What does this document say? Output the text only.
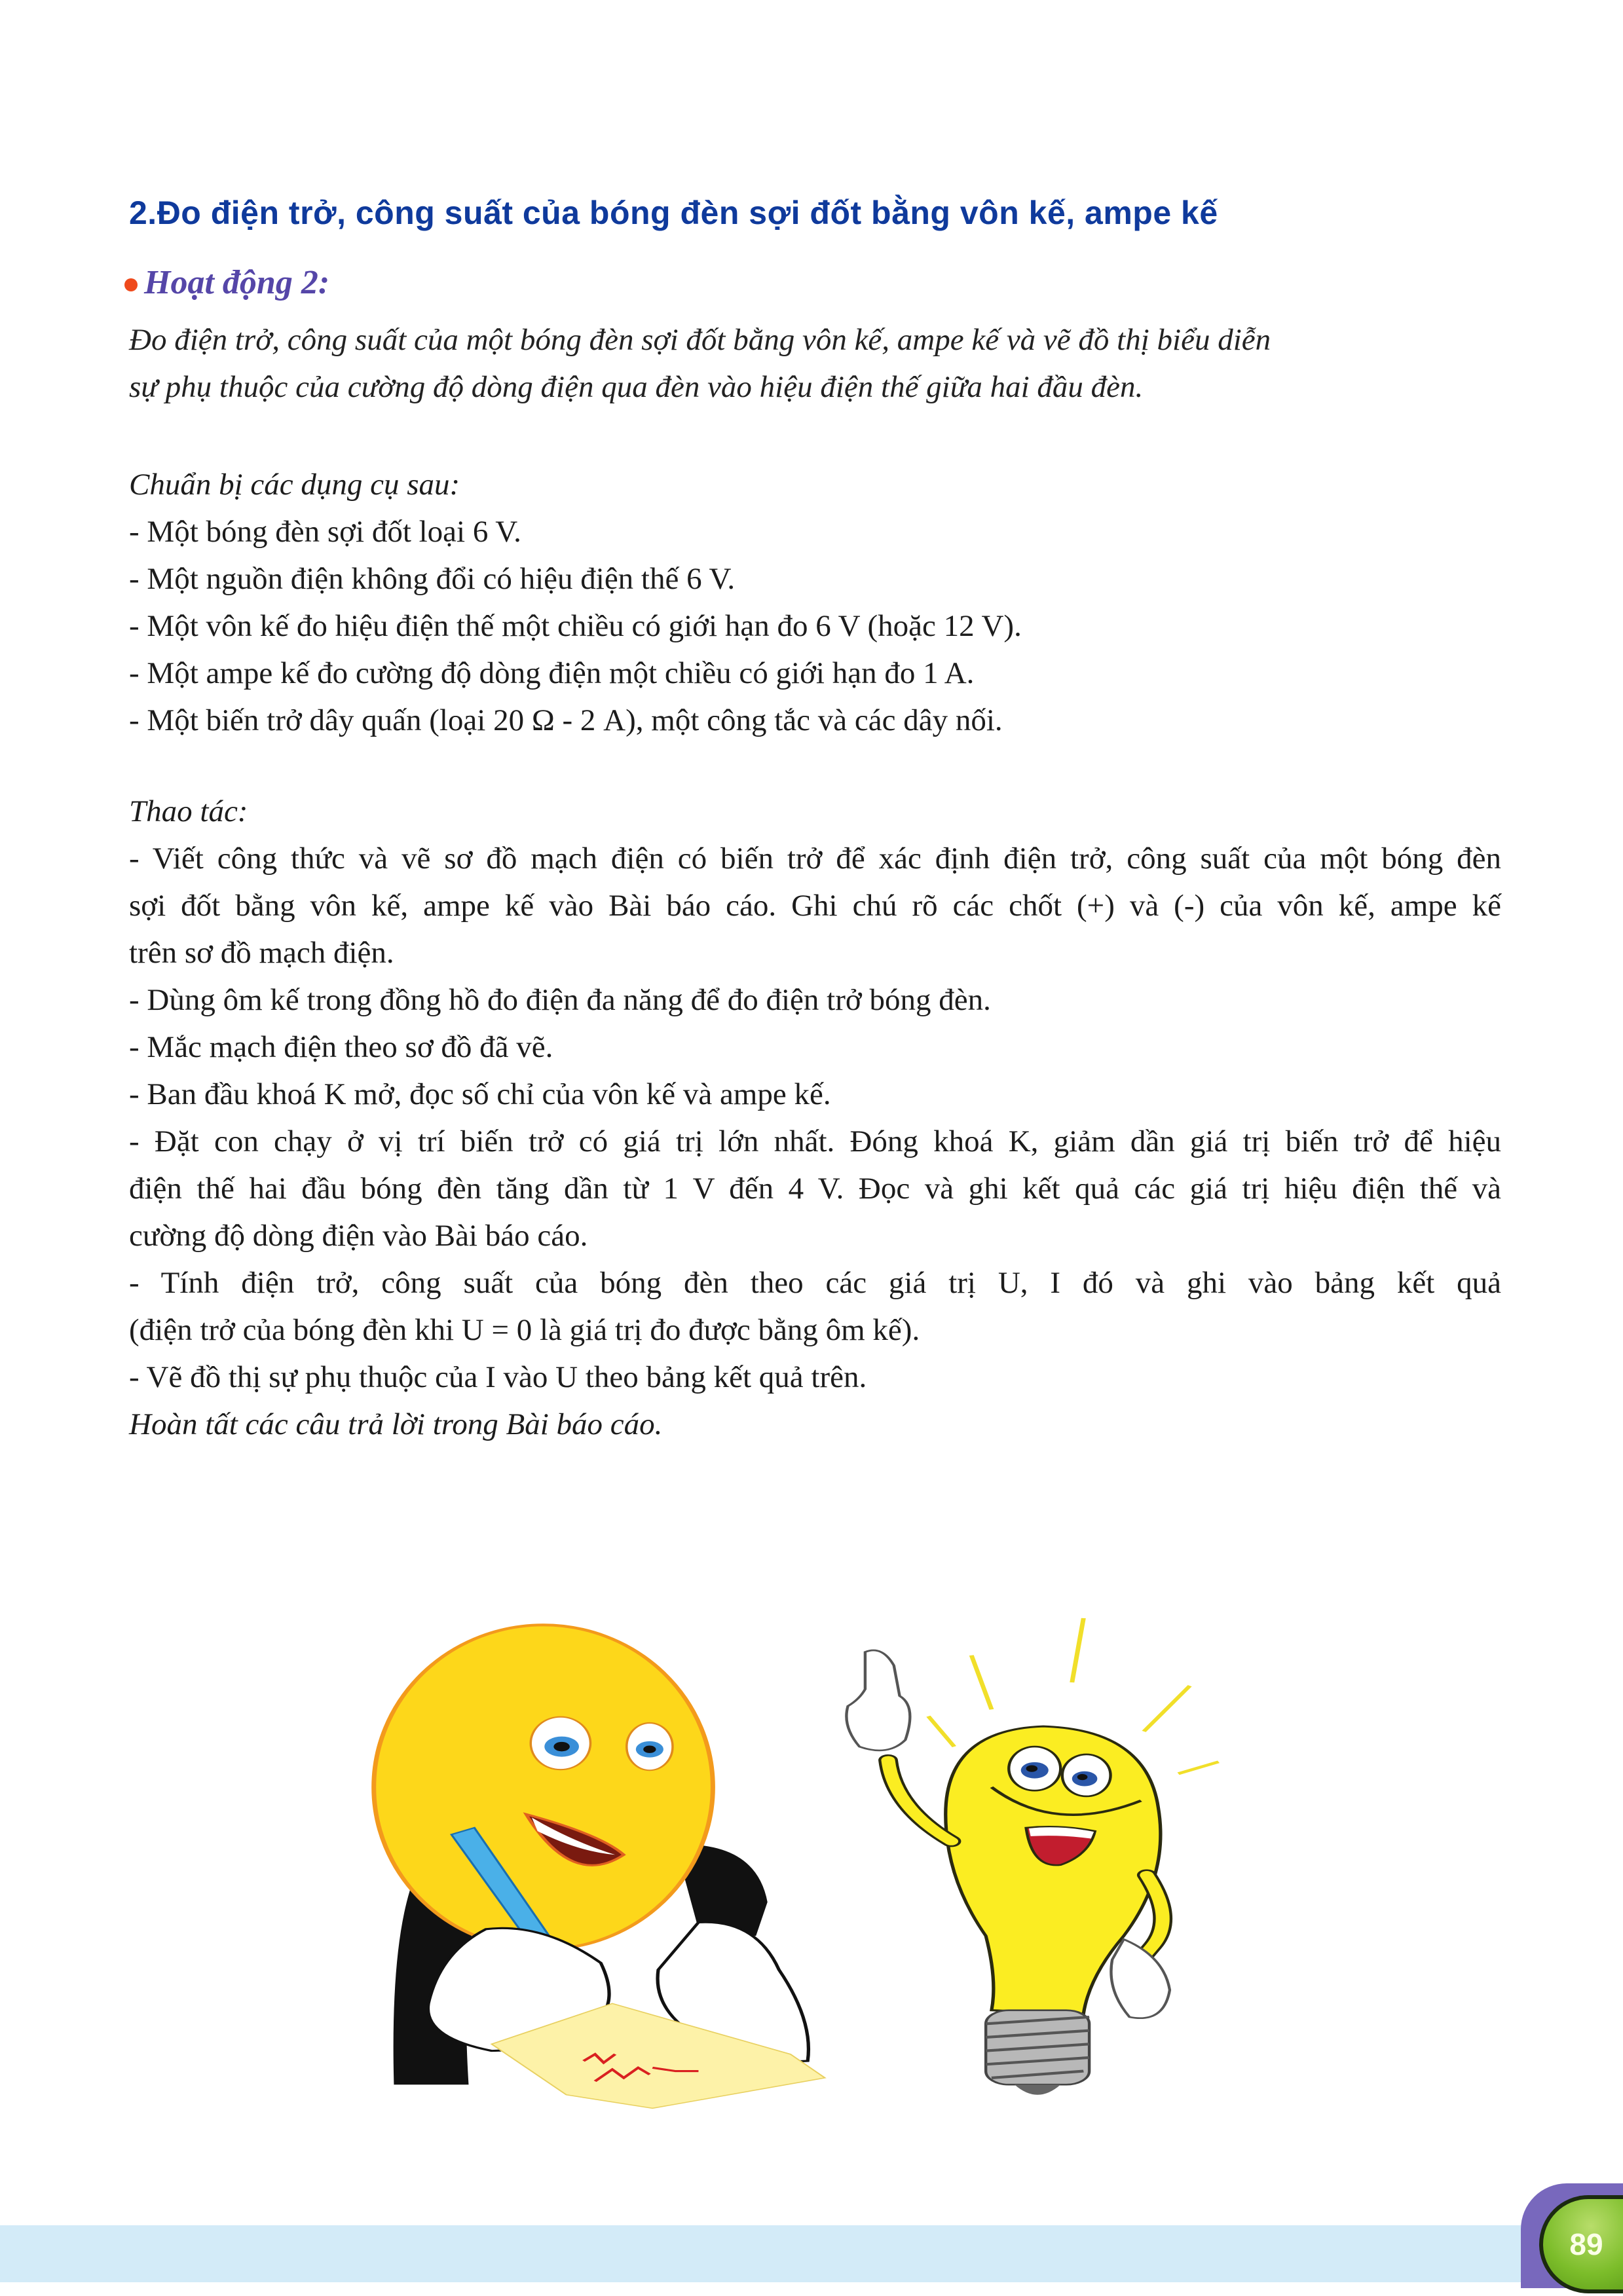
2.Đo điện trở, công suất của bóng đèn sợi đốt bằng vôn kế, ampe kế
Hoạt động 2:
Đo điện trở, công suất của một bóng đèn sợi đốt bằng vôn kế, ampe kế và vẽ đồ thị biểu diễn
sự phụ thuộc của cường độ dòng điện qua đèn vào hiệu điện thế giữa hai đầu đèn.
Chuẩn bị các dụng cụ sau:
- Một bóng đèn sợi đốt loại 6 V.
- Một nguồn điện không đổi có hiệu điện thế 6 V.
- Một vôn kế đo hiệu điện thế một chiều có giới hạn đo 6 V (hoặc 12 V).
- Một ampe kế đo cường độ dòng điện một chiều có giới hạn đo 1 A.
- Một biến trở dây quấn (loại 20 Ω - 2 A), một công tắc và các dây nối.
Thao tác:
- Viết công thức và vẽ sơ đồ mạch điện có biến trở để xác định điện trở, công suất của một bóng đèn
sợi đốt bằng vôn kế, ampe kế vào Bài báo cáo. Ghi chú rõ các chốt (+) và (-) của vôn kế, ampe kế
trên sơ đồ mạch điện.
- Dùng ôm kế trong đồng hồ đo điện đa năng để đo điện trở bóng đèn.
- Mắc mạch điện theo sơ đồ đã vẽ.
- Ban đầu khoá K mở, đọc số chỉ của vôn kế và ampe kế.
- Đặt con chạy ở vị trí biến trở có giá trị lớn nhất. Đóng khoá K, giảm dần giá trị biến trở để hiệu
điện thế hai đầu bóng đèn tăng dần từ 1 V đến 4 V. Đọc và ghi kết quả các giá trị hiệu điện thế và
cường độ dòng điện vào Bài báo cáo.
- Tính điện trở, công suất của bóng đèn theo các giá trị U, I đó và ghi vào bảng kết quả
(điện trở của bóng đèn khi U = 0 là giá trị đo được bằng ôm kế).
- Vẽ đồ thị sự phụ thuộc của I vào U theo bảng kết quả trên.
Hoàn tất các câu trả lời trong Bài báo cáo.
89
